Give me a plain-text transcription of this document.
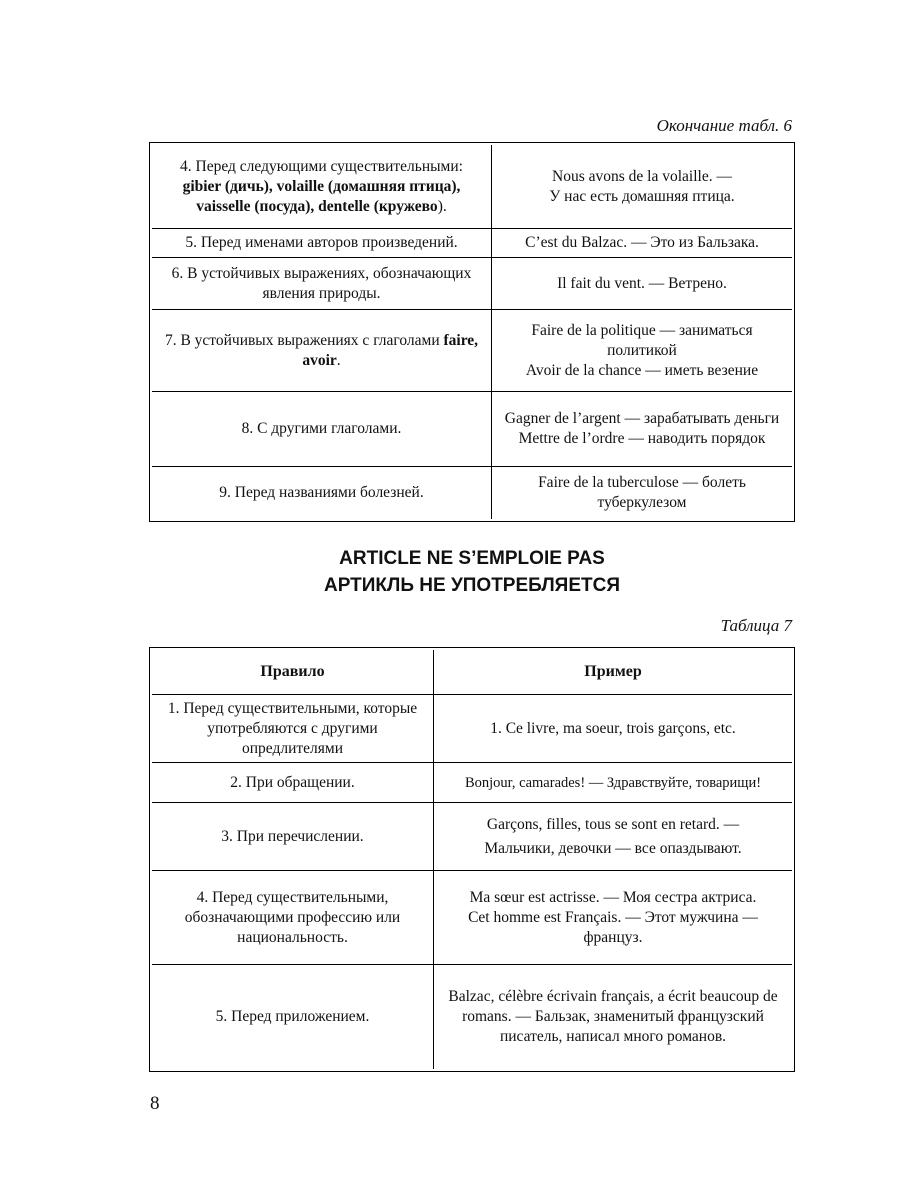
Окончание табл. 6
4. Перед следующими существительными: gibier (дичь), volaille (домашняя птица), vaisselle (посуда), dentelle (кружево).	Nous avons de la volaille. —
У нас есть домашняя птица.

5. Перед именами авторов произведений.	C’est du Balzac. — Это из Бальзака.

6. В устойчивых выражениях, обозначающих явления природы.	Il fait du vent. — Ветрено.

7. В устойчивых выражениях с глаголами faire, avoir.	Faire de la politique — заниматься политикой
Avoir de la chance — иметь везение

8. С другими глаголами.	Gagner de l’argent — зарабатывать деньги
Mettre de l’ordre — наводить порядок

9. Перед названиями болезней.	Faire de la tuberculose — болеть туберкулезом
ARTICLE NE S’EMPLOIE PAS
АРТИКЛЬ НЕ УПОТРЕБЛЯЕТСЯ
Таблица 7
Правило	Пример
1. Перед существительными, которые употребляются с другими опредлителями	1. Ce livre, ma soeur, trois garçons, etc.

2. При обращении.	Bonjour, camarades! — Здравствуйте, товарищи!

3. При перечислении.	Garçons, filles, tous se sont en retard. —
Мальчики, девочки — все опаздывают.

4. Перед существительными, обозначающими профессию или национальность.	Ma sœur est actrisse. — Моя сестра актриса.
Cet homme est Français. — Этот мужчина — француз.

5. Перед приложением.	Balzac, célèbre écrivain français, a écrit beaucoup de romans. — Бальзак, знаменитый французский писатель, написал много романов.
8
